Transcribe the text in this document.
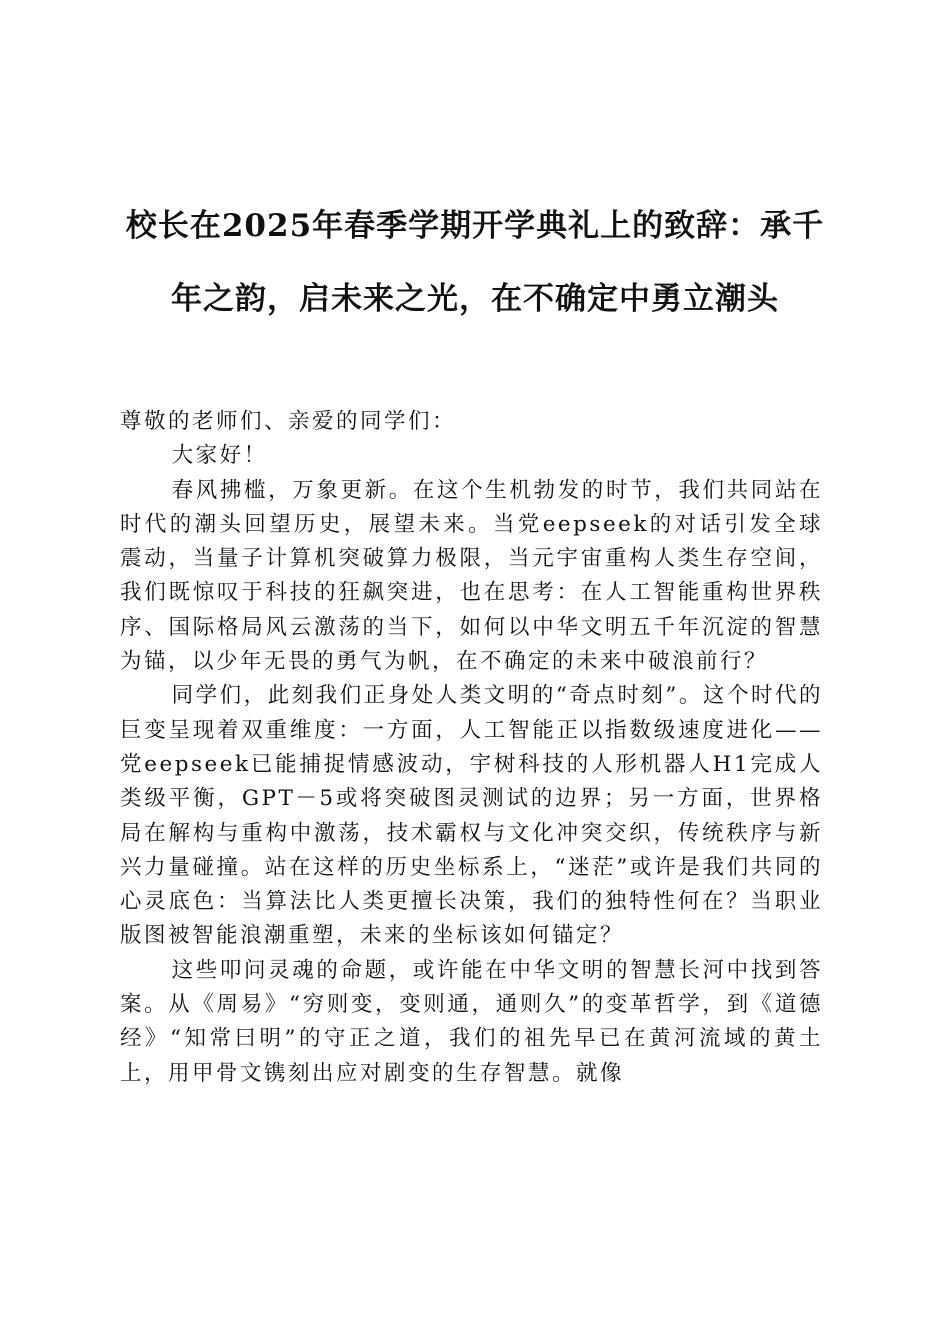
校长在2025年春季学期开学典礼上的致辞：承千年之韵，启未来之光，在不确定中勇立潮头

尊敬的老师们、亲爱的同学们：

大家好！

春风拂槛，万象更新。在这个生机勃发的时节，我们共同站在时代的潮头回望历史，展望未来。当党eepseek的对话引发全球震动，当量子计算机突破算力极限，当元宇宙重构人类生存空间，我们既惊叹于科技的狂飙突进，也在思考：在人工智能重构世界秩序、国际格局风云激荡的当下，如何以中华文明五千年沉淀的智慧为锚，以少年无畏的勇气为帆，在不确定的未来中破浪前行？

同学们，此刻我们正身处人类文明的“奇点时刻”。这个时代的巨变呈现着双重维度：一方面，人工智能正以指数级速度进化——党eepseek已能捕捉情感波动，宇树科技的人形机器人H1完成人类级平衡，GPT－5或将突破图灵测试的边界；另一方面，世界格局在解构与重构中激荡，技术霸权与文化冲突交织，传统秩序与新兴力量碰撞。站在这样的历史坐标系上，“迷茫”或许是我们共同的心灵底色：当算法比人类更擅长决策，我们的独特性何在？当职业版图被智能浪潮重塑，未来的坐标该如何锚定？

这些叩问灵魂的命题，或许能在中华文明的智慧长河中找到答案。从《周易》“穷则变，变则通，通则久”的变革哲学，到《道德经》“知常曰明”的守正之道，我们的祖先早已在黄河流域的黄土上，用甲骨文镌刻出应对剧变的生存智慧。就像
